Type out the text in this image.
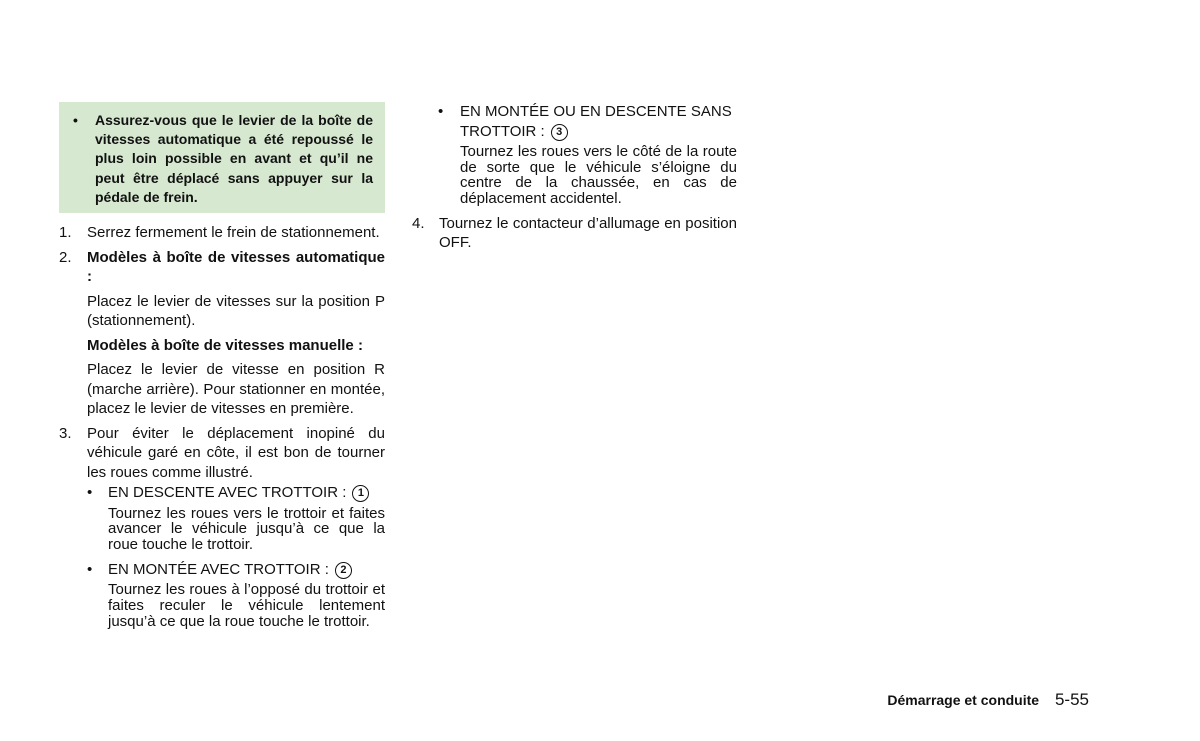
• Assurez-vous que le levier de la boîte de vitesses automatique a été repoussé le plus loin possible en avant et qu’il ne peut être déplacé sans appuyer sur la pédale de frein.
1. Serrez fermement le frein de stationnement.
2. Modèles à boîte de vitesses automatique :
Placez le levier de vitesses sur la position P (stationnement).
Modèles à boîte de vitesses manuelle :
Placez le levier de vitesse en position R (marche arrière). Pour stationner en montée, placez le levier de vitesses en première.
3. Pour éviter le déplacement inopiné du véhicule garé en côte, il est bon de tourner les roues comme illustré.
• EN DESCENTE AVEC TROTTOIR : 1
Tournez les roues vers le trottoir et faites avancer le véhicule jusqu’à ce que la roue touche le trottoir.
• EN MONTÉE AVEC TROTTOIR : 2
Tournez les roues à l’opposé du trottoir et faites reculer le véhicule lentement jusqu’à ce que la roue touche le trottoir.
• EN MONTÉE OU EN DESCENTE SANS TROTTOIR : 3
Tournez les roues vers le côté de la route de sorte que le véhicule s’éloigne du centre de la chaussée, en cas de déplacement accidentel.
4. Tournez le contacteur d’allumage en position OFF.
Démarrage et conduite 5-55
